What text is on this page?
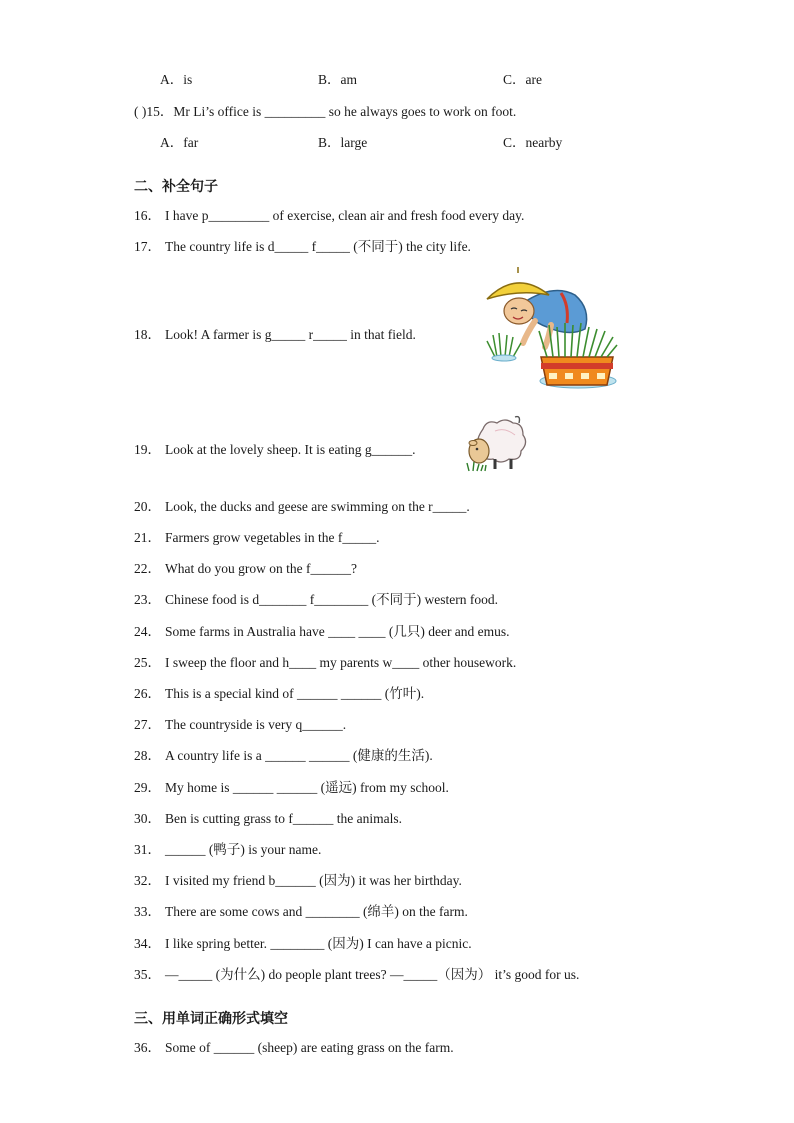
A．is	B．am	C．are
( )15．Mr Li’s office is _________ so he always goes to work on foot.
A．far	B．large	C．nearby
二、补全句子
16． I have p_________ of exercise, clean air and fresh food every day.
17． The country life is d_____ f_____ (不同于) the city life.
18． Look! A farmer is g_____ r_____ in that field.
19． Look at the lovely sheep. It is eating g______.
20． Look, the ducks and geese are swimming on the r_____.
21． Farmers grow vegetables in the f_____.
22． What do you grow on the f______?
23． Chinese food is d_______ f________ (不同于) western food.
24． Some farms in Australia have ____ ____ (几只) deer and emus.
25． I sweep the floor and h____ my parents w____ other housework.
26． This is a special kind of ______ ______ (竹叶).
27． The countryside is very q______.
28． A country life is a ______ ______ (健康的生活).
29． My home is ______ ______ (遥远) from my school.
30． Ben is cutting grass to f______ the animals.
31． ______ (鸭子) is your name.
32． I visited my friend b______ (因为) it was her birthday.
33． There are some cows and ________ (绵羊) on the farm.
34． I like spring better. ________ (因为) I can have a picnic.
35． —_____ (为什么) do people plant trees? —_____（因为） it’s good for us.
三、用单词正确形式填空
36． Some of ______ (sheep) are eating grass on the farm.
